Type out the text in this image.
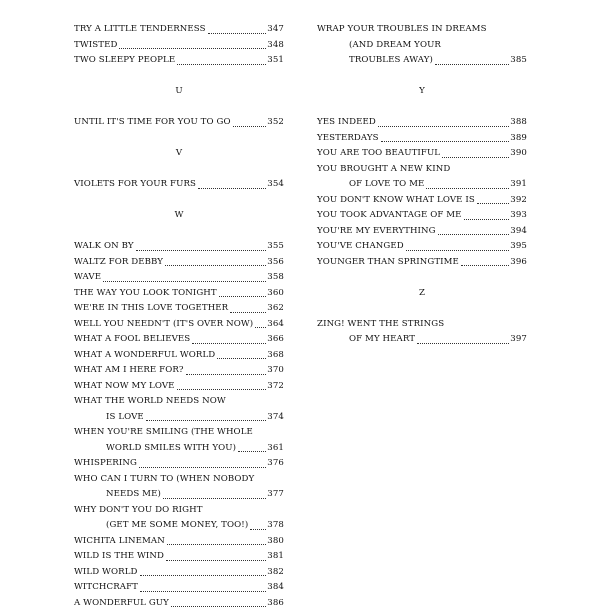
TRY A LITTLE TENDERNESS	347
TWISTED	348
TWO SLEEPY PEOPLE	351
U
UNTIL IT'S TIME FOR YOU TO GO	352
V
VIOLETS FOR YOUR FURS	354
W
WALK ON BY	355
WALTZ FOR DEBBY	356
WAVE	358
THE WAY YOU LOOK TONIGHT	360
WE'RE IN THIS LOVE TOGETHER	362
WELL YOU NEEDN'T (IT'S OVER NOW) 364
WHAT A FOOL BELIEVES	366
WHAT A WONDERFUL WORLD	368
WHAT AM I HERE FOR?	370
WHAT NOW MY LOVE	372
WHAT THE WORLD NEEDS NOW
IS LOVE	374
WHEN YOU'RE SMILING (THE WHOLE
WORLD SMILES WITH YOU)	361
WHISPERING	376
WHO CAN I TURN TO (WHEN NOBODY
NEEDS ME)	377
WHY DON'T YOU DO RIGHT
(GET ME SOME MONEY, TOO!) 378
WICHITA LINEMAN	380
WILD IS THE WIND	381
WILD WORLD	382
WITCHCRAFT	384
A WONDERFUL GUY	386
WRAP YOUR TROUBLES IN DREAMS
(AND DREAM YOUR
TROUBLES AWAY)	385
Y
YES INDEED	388
YESTERDAYS	389
YOU ARE TOO BEAUTIFUL	390
YOU BROUGHT A NEW KIND
OF LOVE TO ME	391
YOU DON'T KNOW WHAT LOVE IS	392
YOU TOOK ADVANTAGE OF ME	393
YOU'RE MY EVERYTHING	394
YOU'VE CHANGED	395
YOUNGER THAN SPRINGTIME	396
Z
ZING! WENT THE STRINGS
OF MY HEART	397
